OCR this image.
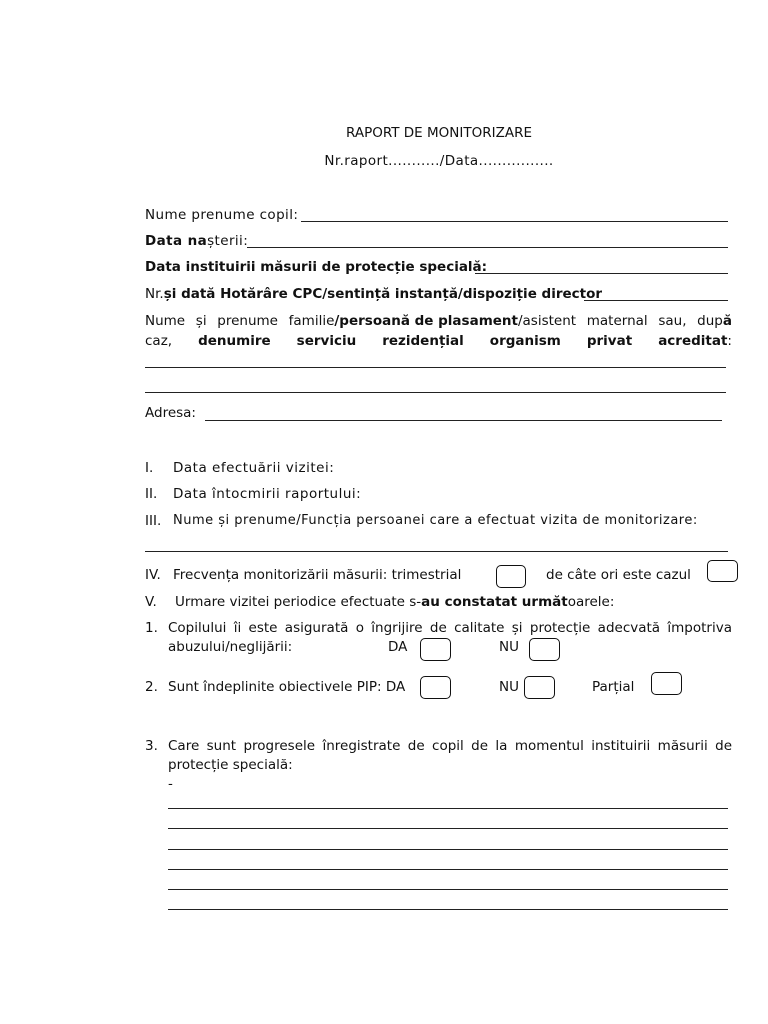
RAPORT DE MONITORIZARE
Nr.raport.........../Data................
Nume prenume copil:
Data nașterii:
Data instituirii măsurii de protecție specială:
Nr.și dată Hotărâre CPC/sentință instanță/dispoziție director
Nume și prenume familie/persoană de plasament/asistent maternal sau, după
caz, denumire serviciu rezidențial organism privat acreditat:
Adresa:
I. Data efectuării vizitei:
II. Data întocmirii raportului:
III. Nume și prenume/Funcția persoanei care a efectuat vizita de monitorizare:
IV. Frecvența monitorizării măsurii: trimestrial	de câte ori este cazul
V. Urmare vizitei periodice efectuate s-au constatat următoarele:
1. Copilului îi este asigurată o îngrijire de calitate și protecție adecvată împotriva
abuzului/neglijării:	DA	NU
2. Sunt îndeplinite obiectivele PIP: DA	NU	Parțial
3. Care sunt progresele înregistrate de copil de la momentul instituirii măsurii de
protecție specială:
-
